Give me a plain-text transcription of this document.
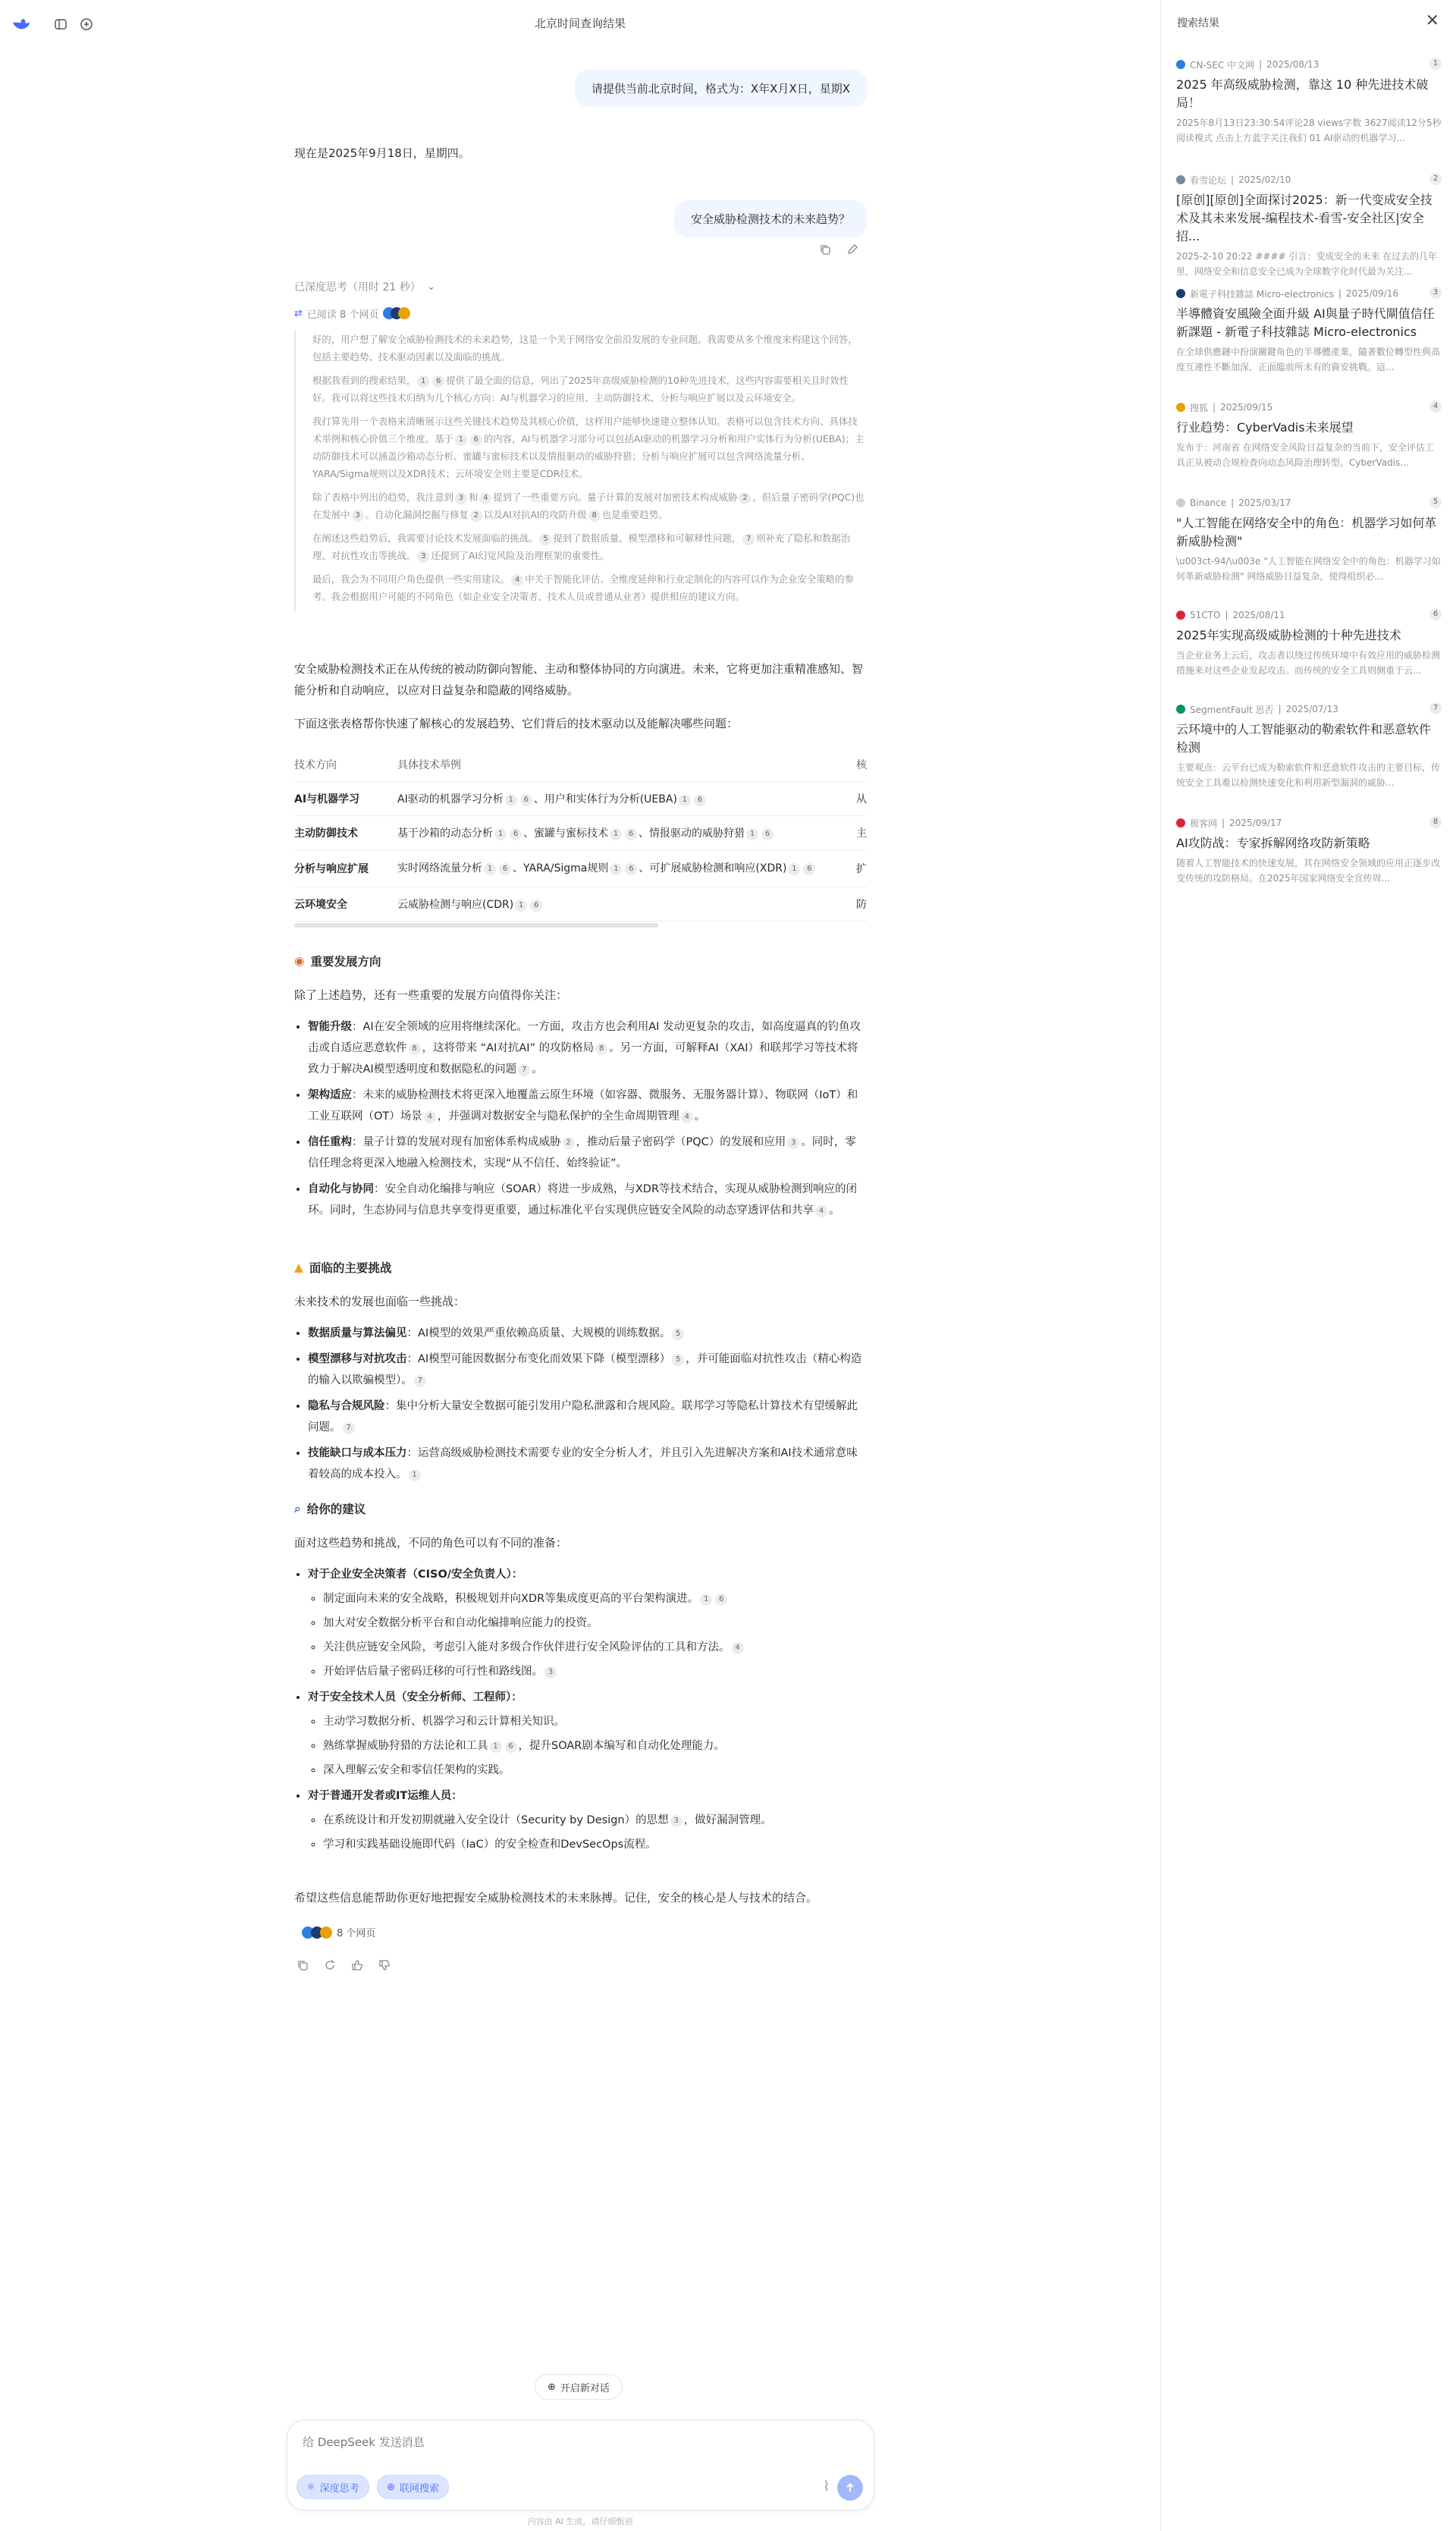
北京时间查询结果
请提供当前北京时间，格式为：X年X月X日，星期X
现在是2025年9月18日，星期四。
安全威胁检测技术的未来趋势？
已深度思考（用时 21 秒） ⌄
⇄ 已阅读 8 个网页

好的，用户想了解安全威胁检测技术的未来趋势，这是一个关于网络安全前沿发展的专业问题。我需要从多个维度来构建这个回答，包括主要趋势、技术驱动因素以及面临的挑战。

根据我看到的搜索结果， 1 6 提供了最全面的信息，列出了2025年高级威胁检测的10种先进技术，这些内容需要相关且时效性好。我可以将这些技术归纳为几个核心方向：AI与机器学习的应用、主动防御技术、分析与响应扩展以及云环境安全。

我打算先用一个表格来清晰展示这些关键技术趋势及其核心价值，这样用户能够快速建立整体认知。表格可以包含技术方向、具体技术举例和核心价值三个维度。基于 1 6 的内容，AI与机器学习部分可以包括AI驱动的机器学习分析和用户实体行为分析(UEBA)；主动防御技术可以涵盖沙箱动态分析、蜜罐与蜜标技术以及情报驱动的威胁狩猎；分析与响应扩展可以包含网络流量分析、YARA/Sigma规则以及XDR技术；云环境安全则主要是CDR技术。

除了表格中列出的趋势，我注意到 3 和 4 提到了一些重要方向。量子计算的发展对加密技术构成威胁 2 ，但后量子密码学(PQC)也在发展中 3 。自动化漏洞挖掘与修复 2 以及AI对抗AI的攻防升级 8 也是重要趋势。

在阐述这些趋势后，我需要讨论技术发展面临的挑战。 5 提到了数据质量、模型漂移和可解释性问题， 7 则补充了隐私和数据治理、对抗性攻击等挑战。 3 还提到了AI幻觉风险及治理框架的重要性。

最后，我会为不同用户角色提供一些实用建议。 4 中关于智能化评估、全维度延伸和行业定制化的内容可以作为企业安全策略的参考。我会根据用户可能的不同角色（如企业安全决策者、技术人员或普通从业者）提供相应的建议方向。

安全威胁检测技术正在从传统的被动防御向智能、主动和整体协同的方向演进。未来，它将更加注重精准感知、智能分析和自动响应，以应对日益复杂和隐蔽的网络威胁。
下面这张表格帮你快速了解核心的发展趋势、它们背后的技术驱动以及能解决哪些问题：
技术方向	具体技术举例	核
AI与机器学习	AI驱动的机器学习分析 1 6 、用户和实体行为分析(UEBA) 1 6	从
主动防御技术	基于沙箱的动态分析 1 6 、蜜罐与蜜标技术 1 6 、情报驱动的威胁狩猎 1 6	主
分析与响应扩展	实时网络流量分析 1 6 、YARA/Sigma规则 1 6 、可扩展威胁检测和响应(XDR) 1 6	扩
云环境安全	云威胁检测与响应(CDR) 1 6	防
◉ 重要发展方向
除了上述趋势，还有一些重要的发展方向值得你关注：
• 智能升级：AI在安全领域的应用将继续深化。一方面，攻击方也会利用AI 发动更复杂的攻击，如高度逼真的钓鱼攻击或自适应恶意软件 8 ，这将带来 “AI对抗AI” 的攻防格局 8 。另一方面，可解释AI（XAI）和联邦学习等技术将致力于解决AI模型透明度和数据隐私的问题 7 。
• 架构适应：未来的威胁检测技术将更深入地覆盖云原生环境（如容器、微服务、无服务器计算）、物联网（IoT）和工业互联网（OT）场景 4 ，并强调对数据安全与隐私保护的全生命周期管理 4 。
• 信任重构：量子计算的发展对现有加密体系构成威胁 2 ，推动后量子密码学（PQC）的发展和应用 3 。同时，零信任理念将更深入地融入检测技术，实现“从不信任、始终验证”。
• 自动化与协同：安全自动化编排与响应（SOAR）将进一步成熟，与XDR等技术结合，实现从威胁检测到响应的闭环。同时，生态协同与信息共享变得更重要，通过标准化平台实现供应链安全风险的动态穿透评估和共享 4 。
▲ 面临的主要挑战
未来技术的发展也面临一些挑战：
• 数据质量与算法偏见：AI模型的效果严重依赖高质量、大规模的训练数据。 5
• 模型漂移与对抗攻击：AI模型可能因数据分布变化而效果下降（模型漂移） 5 ，并可能面临对抗性攻击（精心构造的输入以欺骗模型）。 7
• 隐私与合规风险：集中分析大量安全数据可能引发用户隐私泄露和合规风险。联邦学习等隐私计算技术有望缓解此问题。 7
• 技能缺口与成本压力：运营高级威胁检测技术需要专业的安全分析人才，并且引入先进解决方案和AI技术通常意味着较高的成本投入。 1
⌕ 给你的建议
面对这些趋势和挑战，不同的角色可以有不同的准备：
• 对于企业安全决策者（CISO/安全负责人）：
◦ 制定面向未来的安全战略，积极规划并向XDR等集成度更高的平台架构演进。 1 6
◦ 加大对安全数据分析平台和自动化编排响应能力的投资。
◦ 关注供应链安全风险，考虑引入能对多级合作伙伴进行安全风险评估的工具和方法。 4
◦ 开始评估后量子密码迁移的可行性和路线图。 3
• 对于安全技术人员（安全分析师、工程师）：
◦ 主动学习数据分析、机器学习和云计算相关知识。
◦ 熟练掌握威胁狩猎的方法论和工具 1 6 ，提升SOAR剧本编写和自动化处理能力。
◦ 深入理解云安全和零信任架构的实践。
• 对于普通开发者或IT运维人员：
◦ 在系统设计和开发初期就融入安全设计（Security by Design）的思想 3 ，做好漏洞管理。
◦ 学习和实践基础设施即代码（IaC）的安全检查和DevSecOps流程。
希望这些信息能帮助你更好地把握安全威胁检测技术的未来脉搏。记住，安全的核心是人与技术的结合。
8 个网页
⊕ 开启新对话
给 DeepSeek 发送消息
⚛ 深度思考	⊕ 联网搜索	⌇
内容由 AI 生成，请仔细甄别
搜索结果	×
CN-SEC 中文网 | 2025/08/13	1
2025 年高级威胁检测，靠这 10 种先进技术破局！
2025年8月13日23:30:54评论28 views字数 3627阅读12分5秒阅读模式 点击上方蓝字关注我们 01 AI驱动的机器学习...
看雪论坛 | 2025/02/10	2
[原创][原创]全面探讨2025：新一代变成安全技术及其未来发展-编程技术-看雪-安全社区|安全招...
2025-2-10 20:22 #### 引言：变成安全的未来 在过去的几年里，网络安全和信息安全已成为全球数字化时代最为关注...
新電子科技雜誌 Micro-electronics | 2025/09/16	3
半導體資安風險全面升級 AI與量子時代閘值信任新課題 - 新電子科技雜誌 Micro-electronics
在全球供應鏈中扮演關鍵角色的半導體產業，隨著數位轉型性與高度互連性不斷加深，正面臨前所未有的資安挑戰。這...
搜狐 | 2025/09/15	4
行业趋势：CyberVadis未来展望
发布于：河南省 在网络安全风险日益复杂的当前下，安全评估工具正从被动合规检查向动态风险治理转型。CyberVadis...
Binance | 2025/03/17	5
"人工智能在网络安全中的角色：机器学习如何革新威胁检测"
\u003ct-94/\u003e "人工智能在网络安全中的角色：机器学习如何革新威胁检测" 网络威胁日益复杂，使得组织必...
51CTO | 2025/08/11	6
2025年实现高级威胁检测的十种先进技术
当企业业务上云后，攻击者以绕过传统环境中有效应用的威胁检测措施来对这些企业发起攻击。而传统的安全工具则侧重于云...
SegmentFault 思否 | 2025/07/13	7
云环境中的人工智能驱动的勒索软件和恶意软件检测
主要观点：云平台已成为勒索软件和恶意软件攻击的主要目标，传统安全工具难以检测快速变化和利用新型漏洞的威胁...
极客网 | 2025/09/17	8
AI攻防战：专家拆解网络攻防新策略
随着人工智能技术的快速发展，其在网络安全领域的应用正逐步改变传统的攻防格局。在2025年国家网络安全宣传周...
